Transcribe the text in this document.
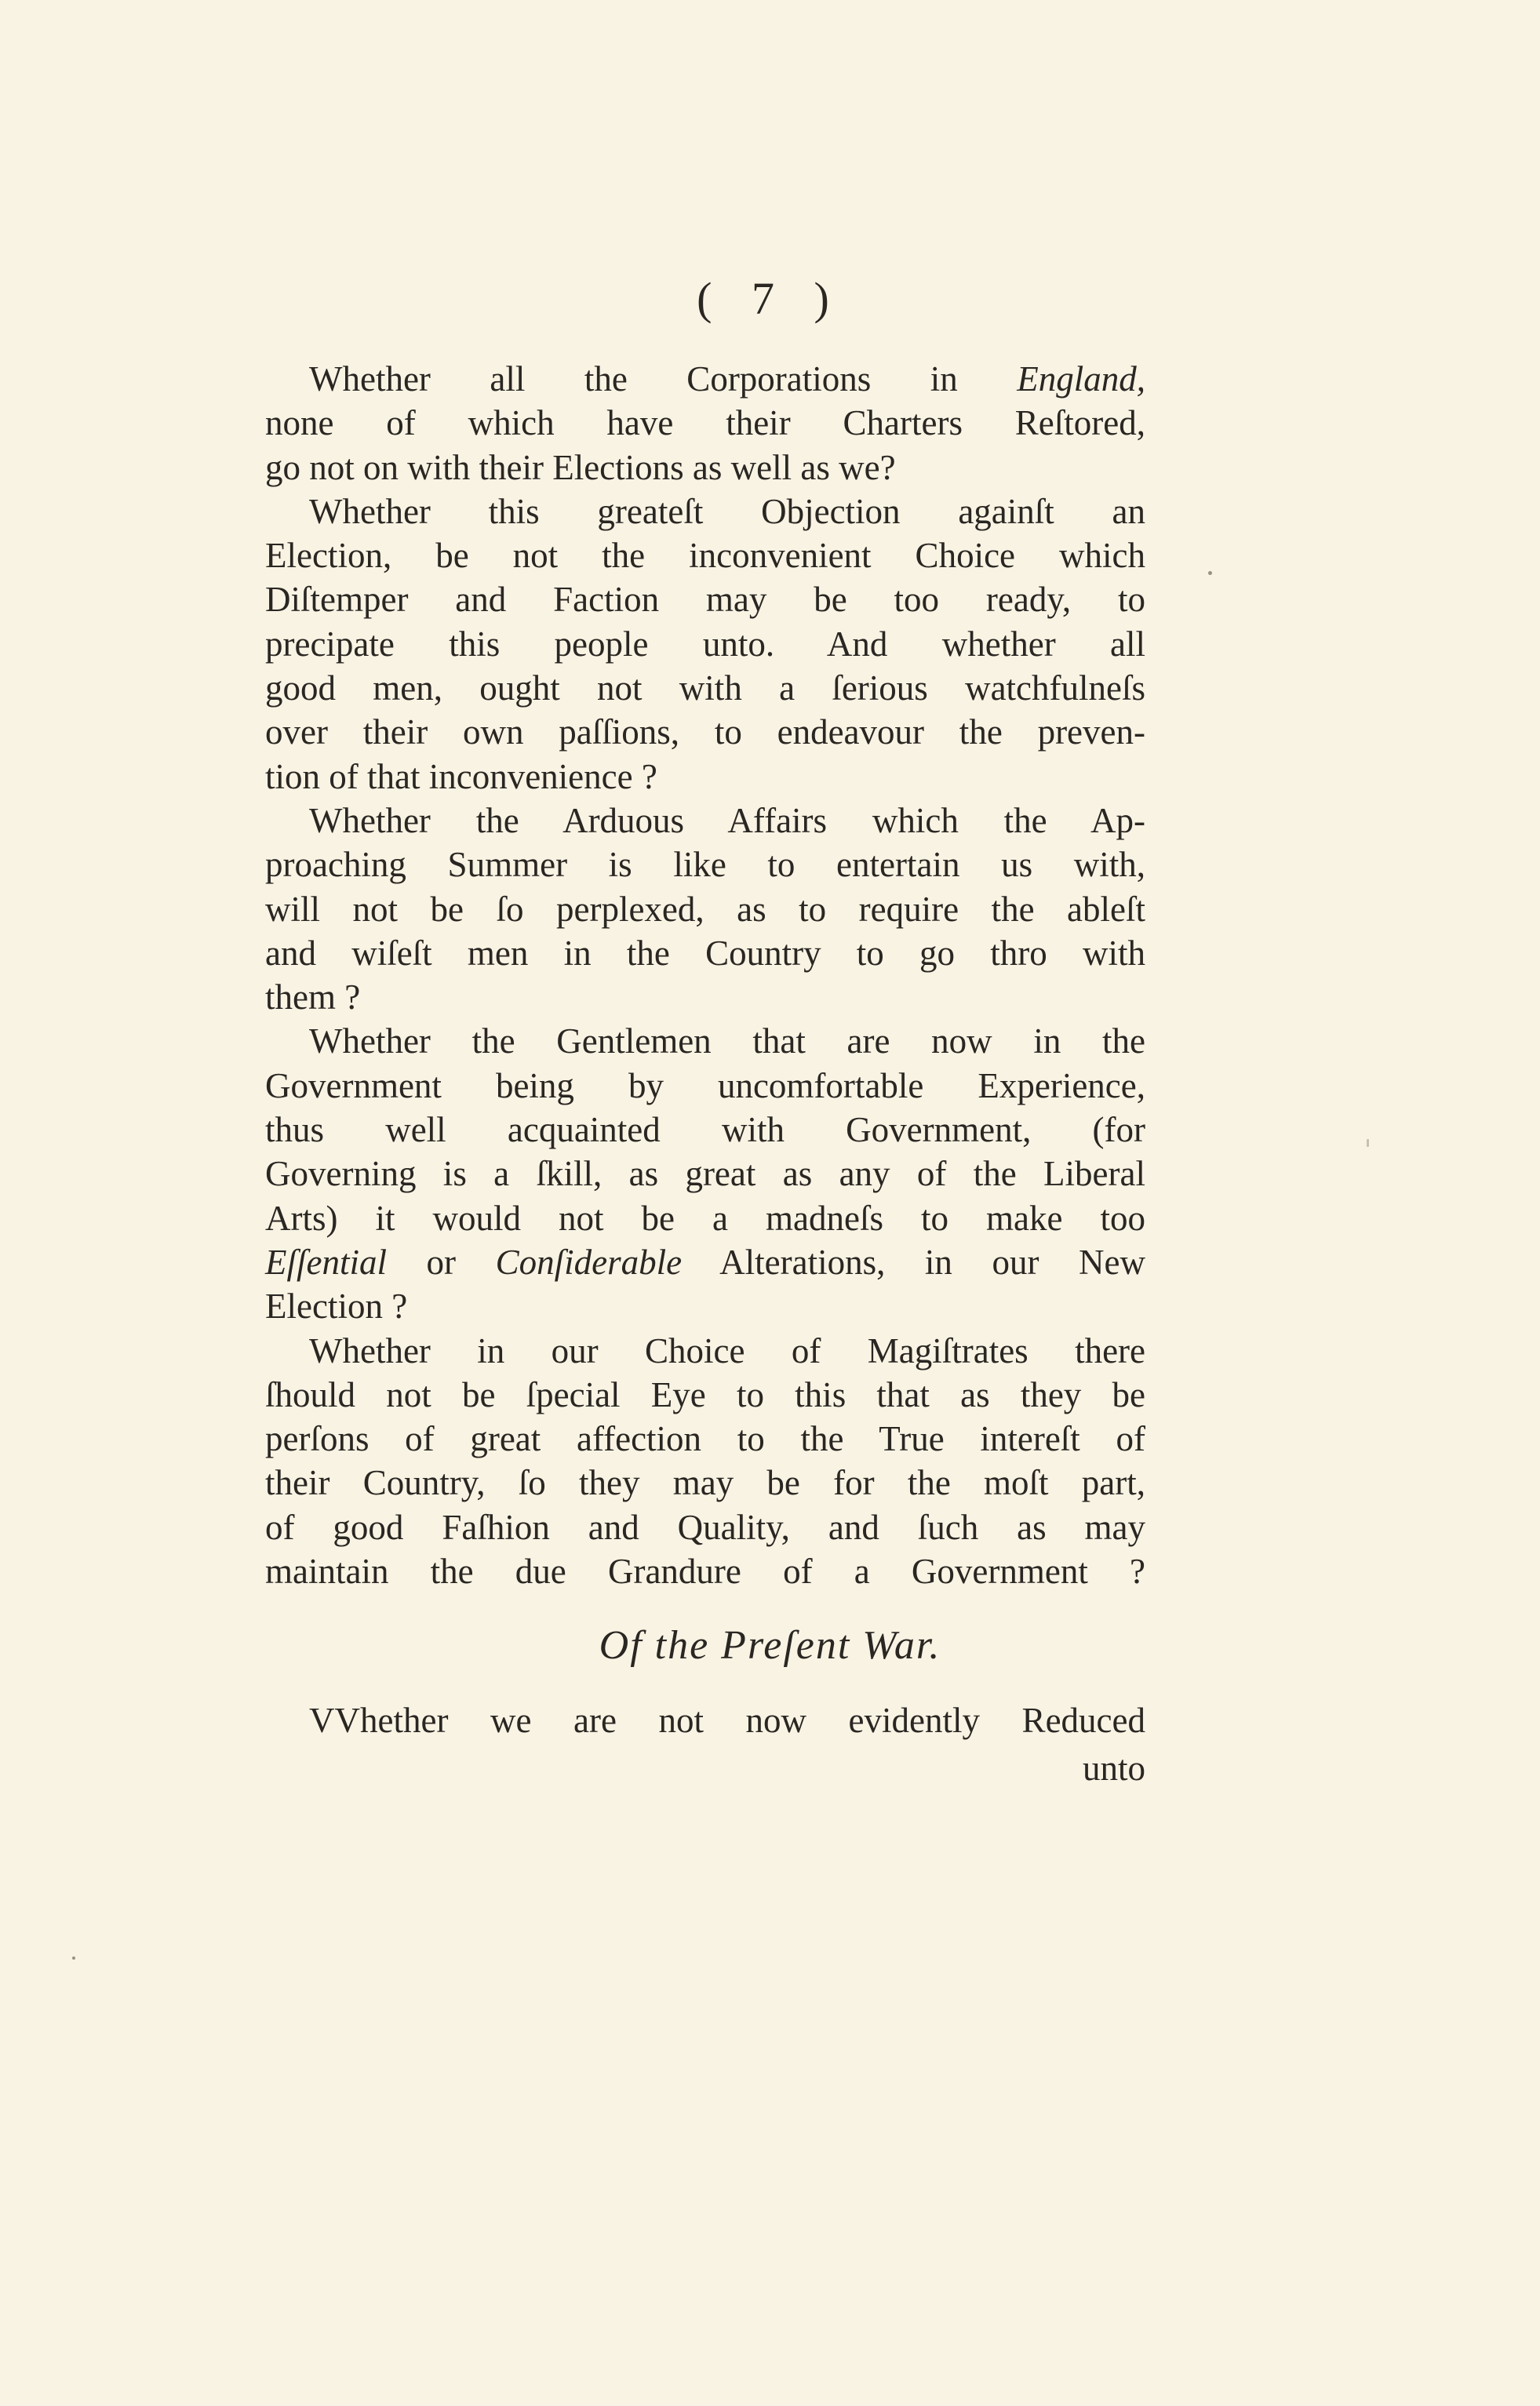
( 7 )
Whether all the Corporations in England,
none of which have their Charters Reſtored,
go not on with their Elections as well as we?
Whether this greateſt Objection againſt an
Election, be not the inconvenient Choice which
Diſtemper and Faction may be too ready, to
precipate this people unto. And whether all
good men, ought not with a ſerious watchfulneſs
over their own paſſions, to endeavour the preven-
tion of that inconvenience ?
Whether the Arduous Affairs which the Ap-
proaching Summer is like to entertain us with,
will not be ſo perplexed, as to require the ableſt
and wiſeſt men in the Country to go thro with
them ?
Whether the Gentlemen that are now in the
Government being by uncomfortable Experience,
thus well acquainted with Government, (for
Governing is a ſkill, as great as any of the Liberal
Arts) it would not be a madneſs to make too
Eſſential or Conſiderable Alterations, in our New
Election ?
Whether in our Choice of Magiſtrates there
ſhould not be ſpecial Eye to this that as they be
perſons of great affection to the True intereſt of
their Country, ſo they may be for the moſt part,
of good Faſhion and Quality, and ſuch as may
maintain the due Grandure of a Government ?
Of the Preſent War.
VVhether we are not now evidently Reduced
unto
